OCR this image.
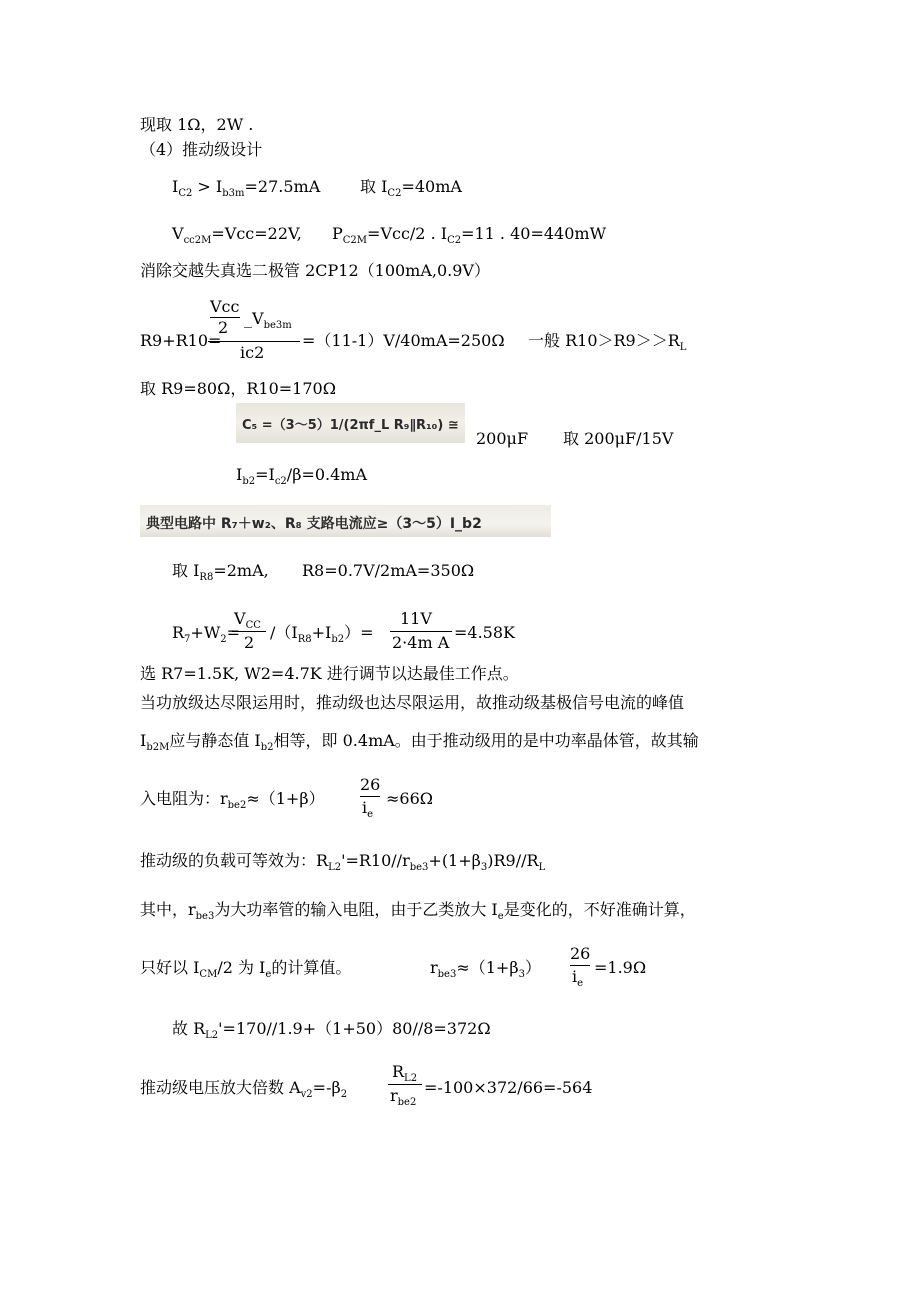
现取 1Ω，2W .
（4）推动级设计
$I_{C2} > I_{b3m}=27.5mA$ 取 $I_{C2}=40mA$
$V_{cc2M}=Vcc=22V$, $P_{C2M}=Vcc/2$ . $I_{C2}=11$ . 40=440mW
消除交越失真选二极管 2CP12（100mA,0.9V）
R9+R10=
Vcc
2 $\_V_{be3m}$
ic2
=（11-1）V/40mA=250Ω 一般 $R10>R9>>R_L$
取 R9=80Ω，R10=170Ω
C₅ =（3～5）1/(2πf_L R₉∥R₁₀) ≅
200μF 取 200μF/15V
$I_{b2}=I_{c2}/\beta=0.4mA$
典型电路中 R₇＋w₂、R₈ 支路电流应≥（3～5）I_b2
取 $I_{R8}=2mA$, R8=0.7V/2mA=350Ω
$R_7+W_2=$
$V_{CC}$
2
$/(I_{R8}+I_{b2})=$
11V
2·4m A
=4.58K
选 R7=1.5K, W2=4.7K 进行调节以达最佳工作点。
当功放级达尽限运用时，推动级也达尽限运用，故推动级基极信号电流的峰值
$I_{b2M}$应与静态值 $I_{b2}$相等，即 0.4mA。由于推动级用的是中功率晶体管，故其输
入电阻为：$r_{be2}\approx(1+\beta)$
26
$i_e$
≈66Ω
推动级的负载可等效为：$R_{L2}'=R10//r_{be3}+(1+\beta_3)R9//R_L$
其中，$r_{be3}$为大功率管的输入电阻，由于乙类放大 $I_e$是变化的，不好准确计算，
只好以 $I_{CM}/2$ 为 $I_e$的计算值。	$r_{be3}\approx(1+\beta_3)$
26
$i_e$
=1.9Ω
故 $R_{L2}'=170//1.9+(1+50)80//8=372\Omega$
推动级电压放大倍数 $A_{v2}=-\beta_2$
$R_{L2}$
$r_{be2}$
=-100×372/66=-564
